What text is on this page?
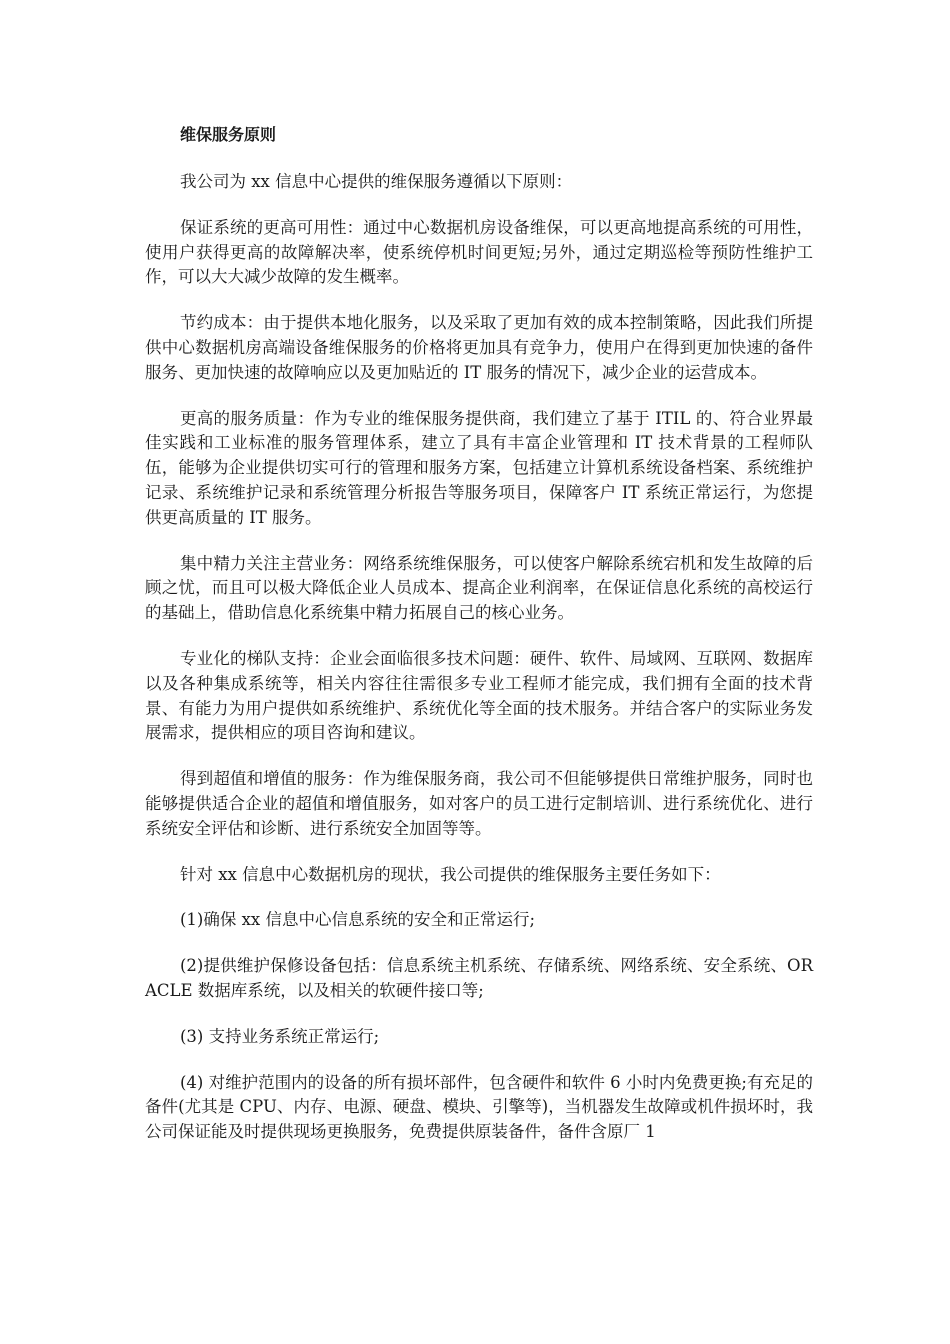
维保服务原则

我公司为 xx 信息中心提供的维保服务遵循以下原则：

保证系统的更高可用性：通过中心数据机房设备维保，可以更高地提高系统的可用性，使用户获得更高的故障解决率，使系统停机时间更短;另外，通过定期巡检等预防性维护工作，可以大大减少故障的发生概率。

节约成本：由于提供本地化服务，以及采取了更加有效的成本控制策略，因此我们所提供中心数据机房高端设备维保服务的价格将更加具有竞争力，使用户在得到更加快速的备件服务、更加快速的故障响应以及更加贴近的 IT 服务的情况下，减少企业的运营成本。

更高的服务质量：作为专业的维保服务提供商，我们建立了基于 ITIL 的、符合业界最佳实践和工业标准的服务管理体系，建立了具有丰富企业管理和 IT 技术背景的工程师队伍，能够为企业提供切实可行的管理和服务方案，包括建立计算机系统设备档案、系统维护记录、系统维护记录和系统管理分析报告等服务项目，保障客户 IT 系统正常运行，为您提供更高质量的 IT 服务。

集中精力关注主营业务：网络系统维保服务，可以使客户解除系统宕机和发生故障的后顾之忧，而且可以极大降低企业人员成本、提高企业利润率，在保证信息化系统的高校运行的基础上，借助信息化系统集中精力拓展自己的核心业务。

专业化的梯队支持：企业会面临很多技术问题：硬件、软件、局域网、互联网、数据库以及各种集成系统等，相关内容往往需很多专业工程师才能完成，我们拥有全面的技术背景、有能力为用户提供如系统维护、系统优化等全面的技术服务。并结合客户的实际业务发展需求，提供相应的项目咨询和建议。

得到超值和增值的服务：作为维保服务商，我公司不但能够提供日常维护服务，同时也能够提供适合企业的超值和增值服务，如对客户的员工进行定制培训、进行系统优化、进行系统安全评估和诊断、进行系统安全加固等等。

针对 xx 信息中心数据机房的现状，我公司提供的维保服务主要任务如下：

(1)确保 xx 信息中心信息系统的安全和正常运行;

(2)提供维护保修设备包括：信息系统主机系统、存储系统、网络系统、安全系统、ORACLE 数据库系统，以及相关的软硬件接口等;

(3) 支持业务系统正常运行;

(4) 对维护范围内的设备的所有损坏部件，包含硬件和软件 6 小时内免费更换;有充足的备件(尤其是 CPU、内存、电源、硬盘、模块、引擎等)，当机器发生故障或机件损坏时，我公司保证能及时提供现场更换服务，免费提供原装备件，备件含原厂 1
